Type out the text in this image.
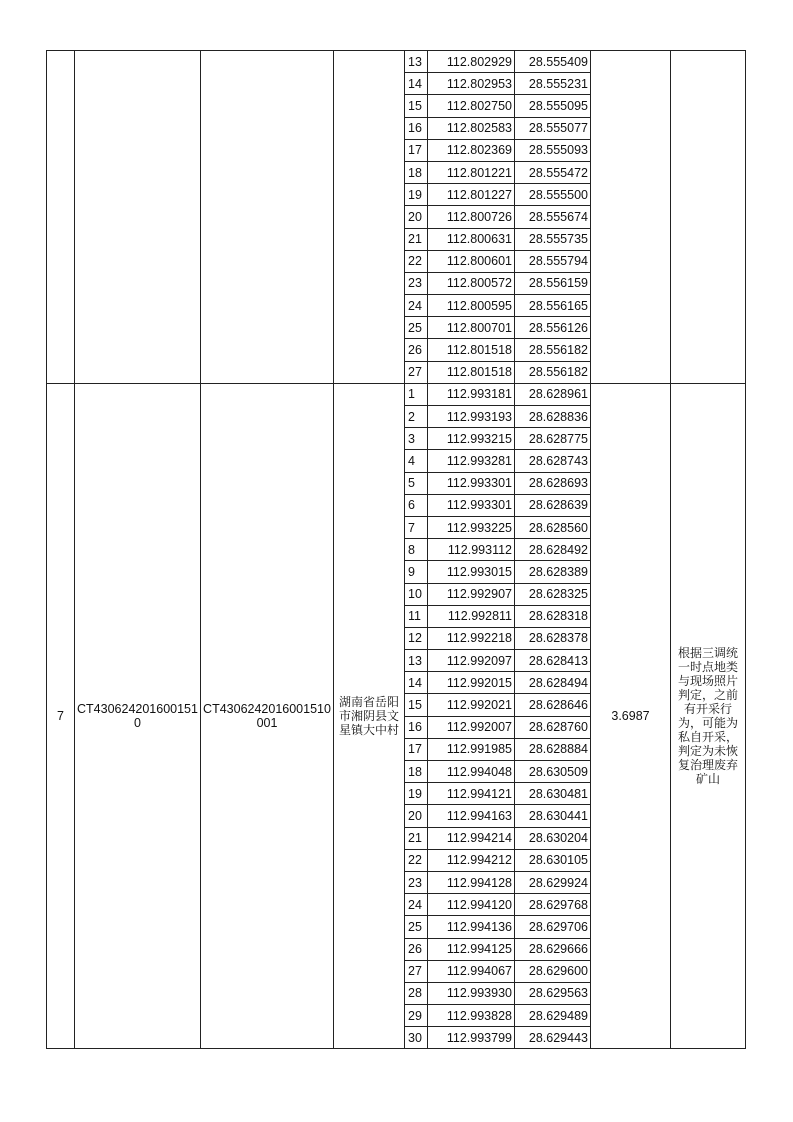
				13	112.802929	28.555409		
				14	112.802953	28.555231		
				15	112.802750	28.555095		
				16	112.802583	28.555077		
				17	112.802369	28.555093		
				18	112.801221	28.555472		
				19	112.801227	28.555500		
				20	112.800726	28.555674		
				21	112.800631	28.555735		
				22	112.800601	28.555794		
				23	112.800572	28.556159		
				24	112.800595	28.556165		
				25	112.800701	28.556126		
				26	112.801518	28.556182		
				27	112.801518	28.556182		
7	CT4306242016001510	CT4306242016001510001	湖南省岳阳市湘阴县文星镇大中村	1	112.993181	28.628961	3.6987	根据三调统一时点地类与现场照片判定，之前有开采行为，可能为私自开采，判定为未恢复治理废弃矿山
				2	112.993193	28.628836		
				3	112.993215	28.628775		
				4	112.993281	28.628743		
				5	112.993301	28.628693		
				6	112.993301	28.628639		
				7	112.993225	28.628560		
				8	112.993112	28.628492		
				9	112.993015	28.628389		
				10	112.992907	28.628325		
				11	112.992811	28.628318		
				12	112.992218	28.628378		
				13	112.992097	28.628413		
				14	112.992015	28.628494		
				15	112.992021	28.628646		
				16	112.992007	28.628760		
				17	112.991985	28.628884		
				18	112.994048	28.630509		
				19	112.994121	28.630481		
				20	112.994163	28.630441		
				21	112.994214	28.630204		
				22	112.994212	28.630105		
				23	112.994128	28.629924		
				24	112.994120	28.629768		
				25	112.994136	28.629706		
				26	112.994125	28.629666		
				27	112.994067	28.629600		
				28	112.993930	28.629563		
				29	112.993828	28.629489		
				30	112.993799	28.629443		
